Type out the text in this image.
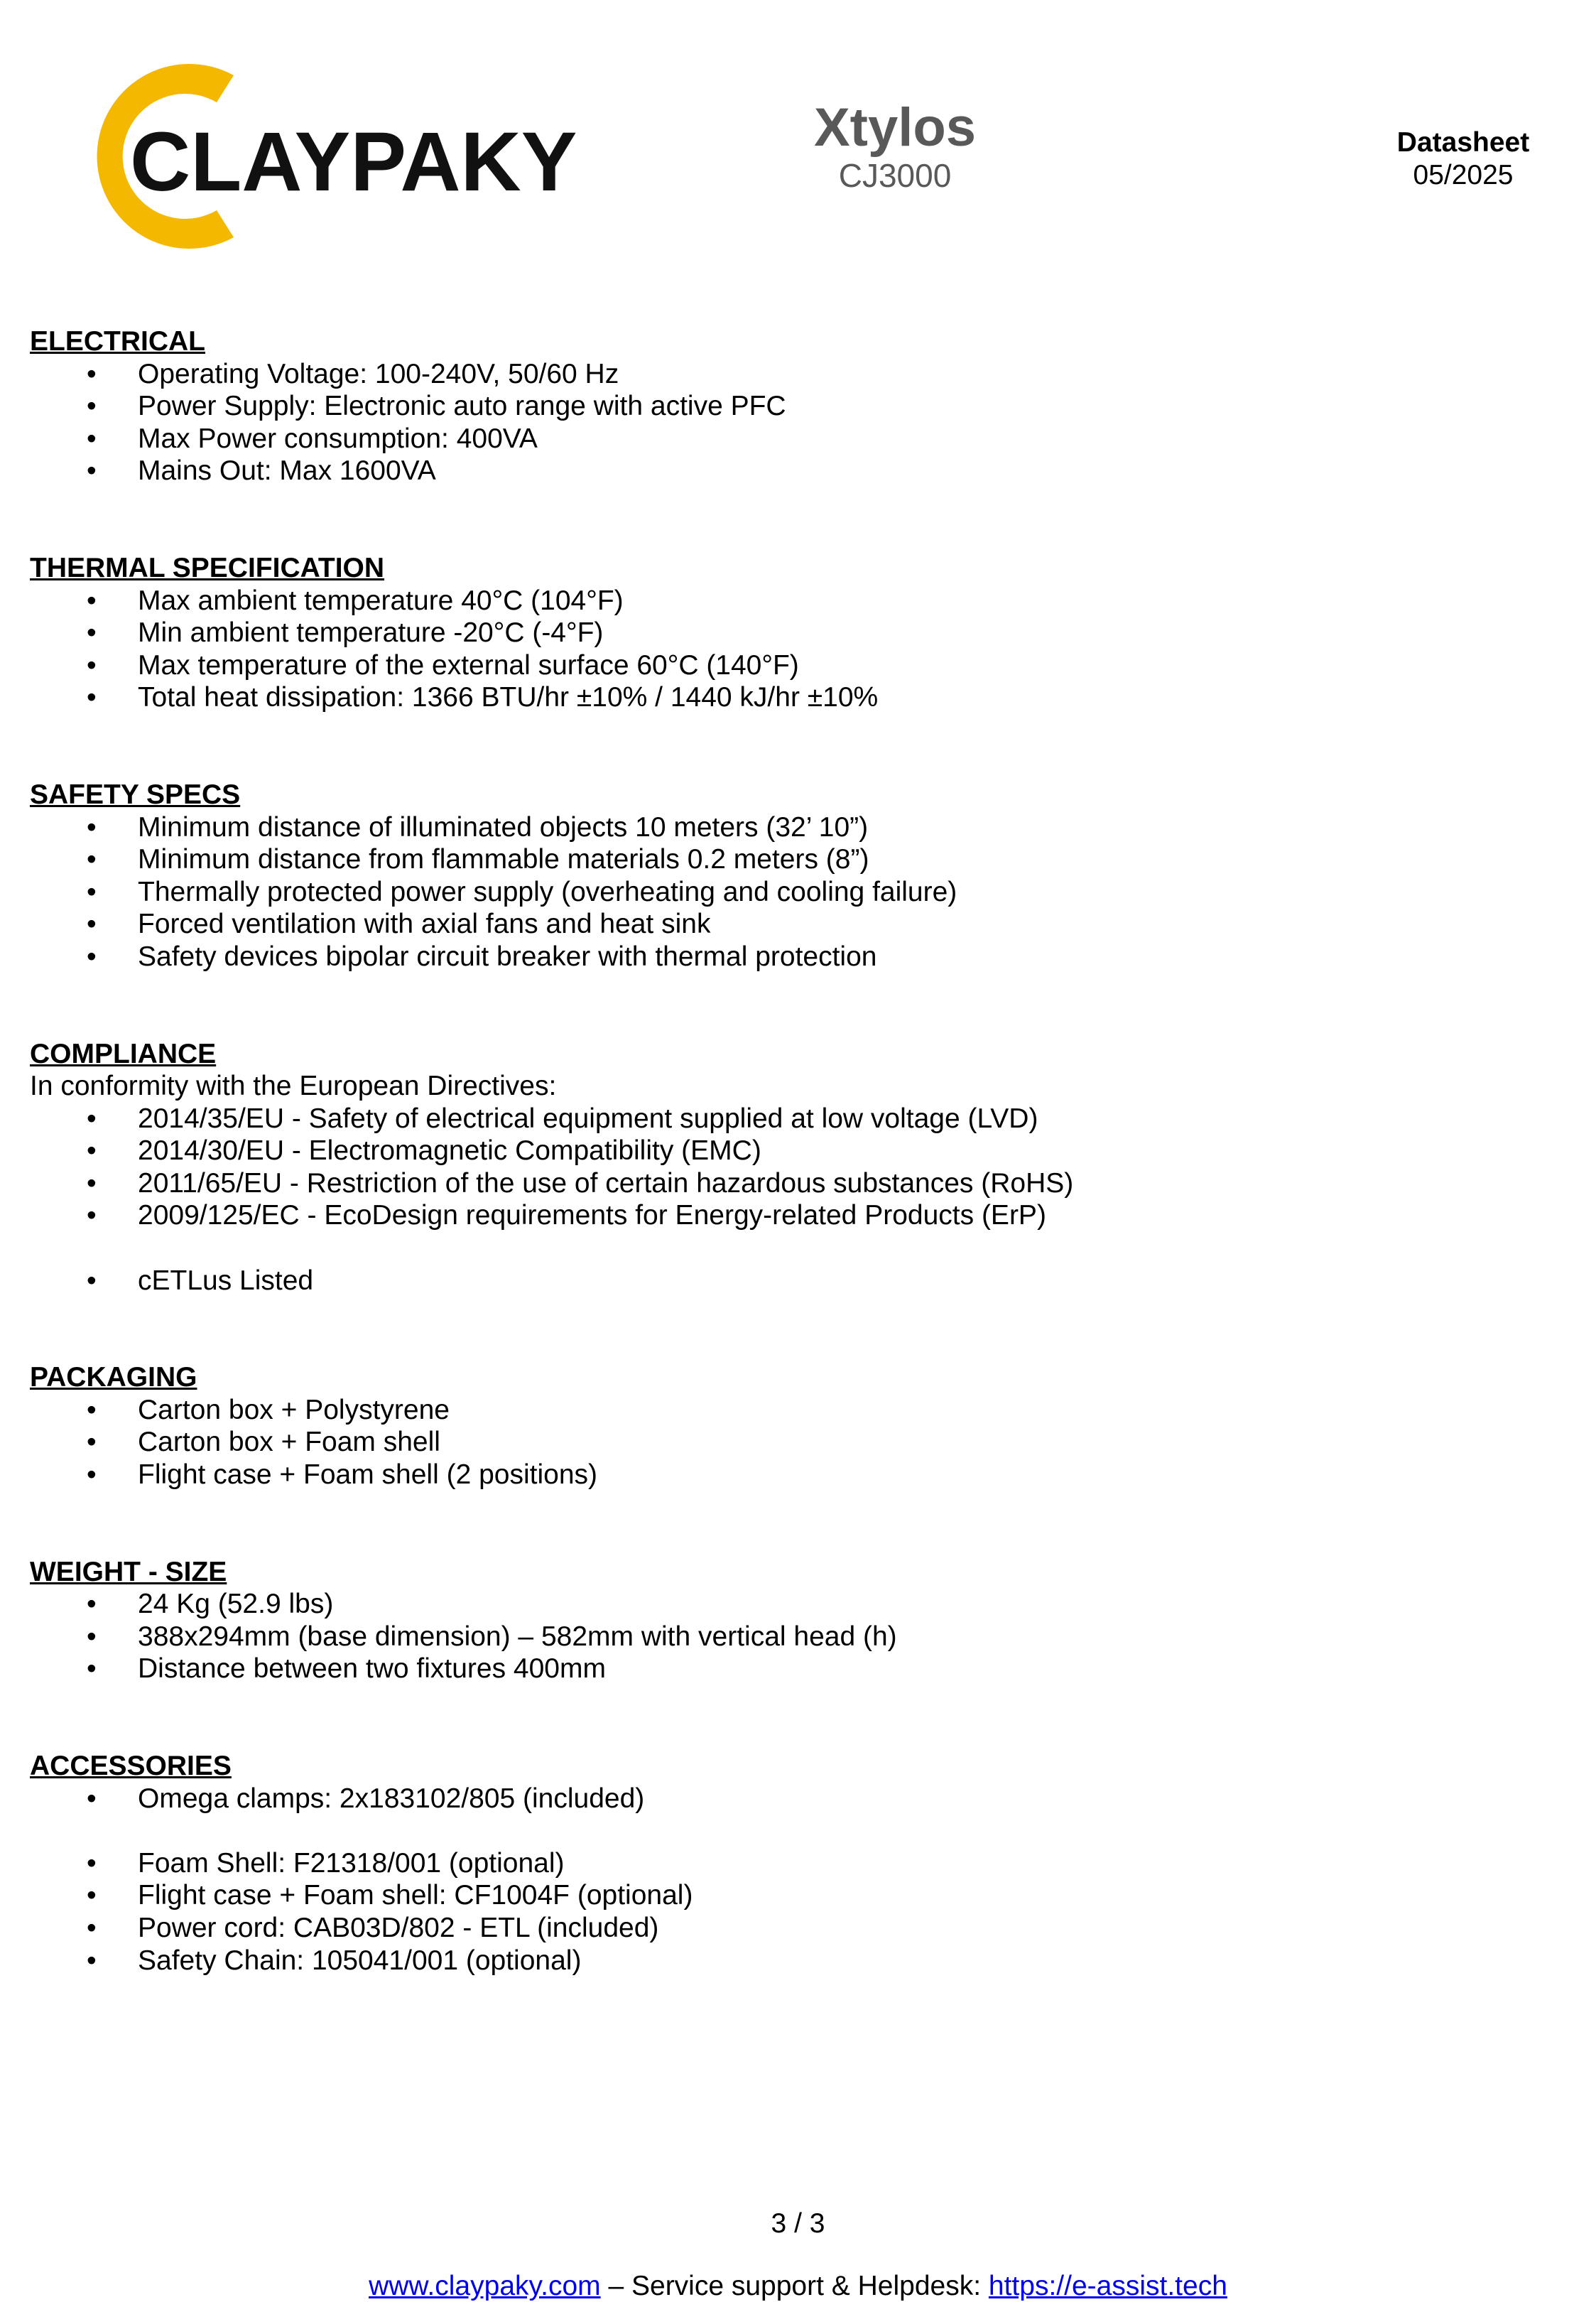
CLAYPAKY	Xtylos
CJ3000
Datasheet
05/2025
ELECTRICAL
• Operating Voltage: 100-240V, 50/60 Hz
• Power Supply: Electronic auto range with active PFC
• Max Power consumption: 400VA
• Mains Out: Max 1600VA
THERMAL SPECIFICATION
• Max ambient temperature 40°C (104°F)
• Min ambient temperature -20°C (-4°F)
• Max temperature of the external surface 60°C (140°F)
• Total heat dissipation: 1366 BTU/hr ±10% / 1440 kJ/hr ±10%
SAFETY SPECS
• Minimum distance of illuminated objects 10 meters (32’ 10”)
• Minimum distance from flammable materials 0.2 meters (8”)
• Thermally protected power supply (overheating and cooling failure)
• Forced ventilation with axial fans and heat sink
• Safety devices bipolar circuit breaker with thermal protection
COMPLIANCE
In conformity with the European Directives:
• 2014/35/EU - Safety of electrical equipment supplied at low voltage (LVD)
• 2014/30/EU - Electromagnetic Compatibility (EMC)
• 2011/65/EU - Restriction of the use of certain hazardous substances (RoHS)
• 2009/125/EC - EcoDesign requirements for Energy-related Products (ErP)
• cETLus Listed
PACKAGING
• Carton box + Polystyrene
• Carton box + Foam shell
• Flight case + Foam shell (2 positions)
WEIGHT - SIZE
• 24 Kg (52.9 lbs)
• 388x294mm (base dimension) – 582mm with vertical head (h)
• Distance between two fixtures 400mm
ACCESSORIES
• Omega clamps: 2x183102/805 (included)
• Foam Shell: F21318/001 (optional)
• Flight case + Foam shell: CF1004F (optional)
• Power cord: CAB03D/802 - ETL (included)
• Safety Chain: 105041/001 (optional)
3 / 3
www.claypaky.com – Service support & Helpdesk: https://e-assist.tech
